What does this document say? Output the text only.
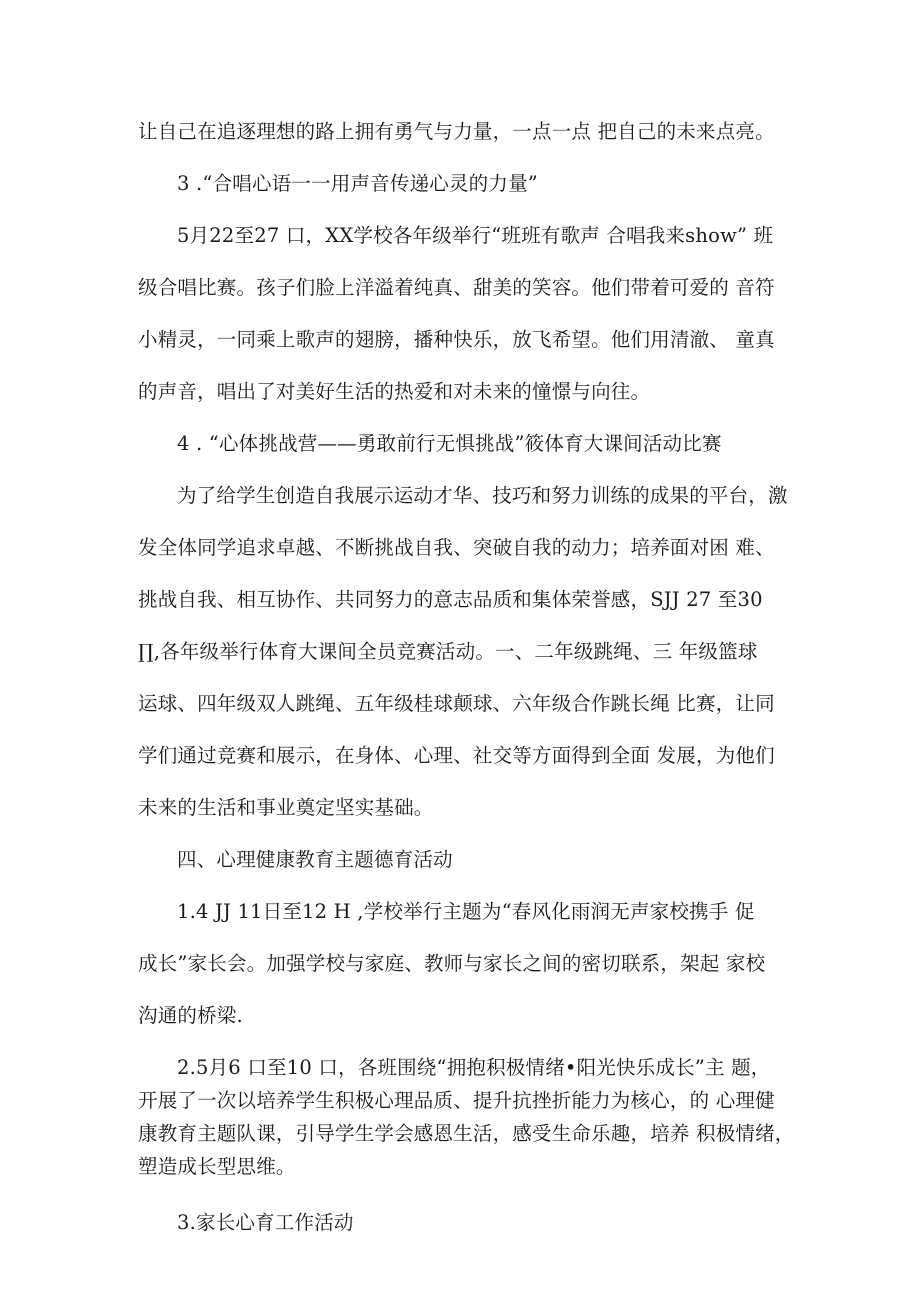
让自己在追逐理想的路上拥有勇气与力量，一点一点 把自己的未来点亮。
3 .“合唱心语一一用声音传递心灵的力量”
5月22至27 口，XX学校各年级举行“班班有歌声 合唱我来show” 班
级合唱比赛。孩子们脸上洋溢着纯真、甜美的笑容。他们带着可爱的 音符
小精灵，一同乘上歌声的翅膀，播种快乐，放飞希望。他们用清澈、 童真
的声音，唱出了对美好生活的热爱和对未来的憧憬与向往。
4 . “心体挑战营——勇敢前行无惧挑战”筱体育大课间活动比赛
为了给学生创造自我展示运动才华、技巧和努力训练的成果的平台，激
发全体同学追求卓越、不断挑战自我、突破自我的动力；培养面对困 难、
挑战自我、相互协作、共同努力的意志品质和集体荣誉感，SJJ 27 至30
∏,各年级举行体育大课间全员竞赛活动。一、二年级跳绳、三 年级篮球
运球、四年级双人跳绳、五年级桂球颠球、六年级合作跳长绳 比赛，让同
学们通过竞赛和展示，在身体、心理、社交等方面得到全面 发展，为他们
未来的生活和事业奠定坚实基础。
四、心理健康教育主题德育活动
1.4 JJ 11日至12 H ,学校举行主题为“春风化雨润无声家校携手 促
成长”家长会。加强学校与家庭、教师与家长之间的密切联系，架起 家校
沟通的桥梁.
2.5月6 口至10 口，各班围绕“拥抱积极情绪•阳光快乐成长”主 题，
开展了一次以培养学生积极心理品质、提升抗挫折能力为核心，的 心理健
康教育主题队课，引导学生学会感恩生活，感受生命乐趣，培养 积极情绪，
塑造成长型思维。
3.家长心育工作活动
